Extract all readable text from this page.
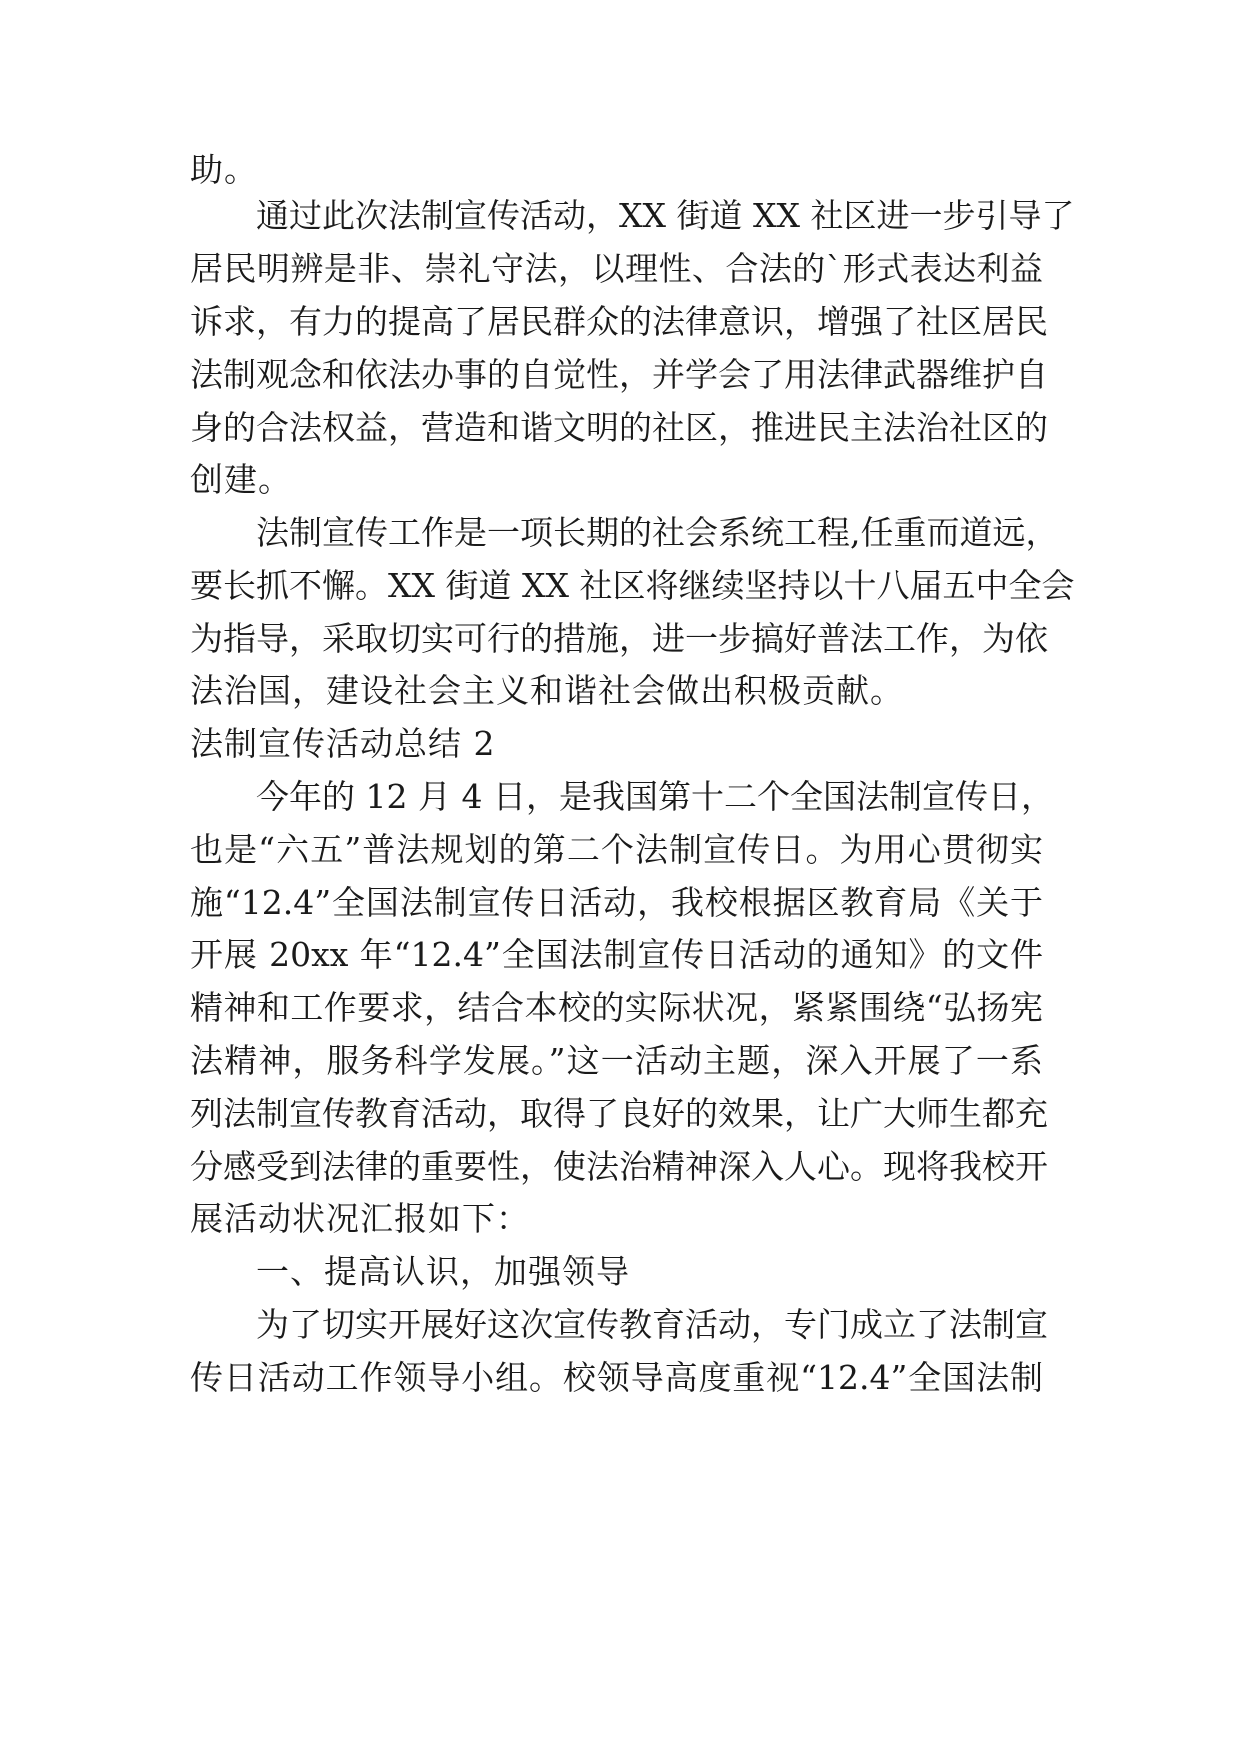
助。

通过此次法制宣传活动，XX 街道 XX 社区进一步引导了

居民明辨是非、崇礼守法，以理性、合法的`形式表达利益

诉求，有力的提高了居民群众的法律意识，增强了社区居民

法制观念和依法办事的自觉性，并学会了用法律武器维护自

身的合法权益，营造和谐文明的社区，推进民主法治社区的

创建。

法制宣传工作是一项长期的社会系统工程,任重而道远，

要长抓不懈。XX 街道 XX 社区将继续坚持以十八届五中全会

为指导，采取切实可行的措施，进一步搞好普法工作，为依

法治国，建设社会主义和谐社会做出积极贡献。

法制宣传活动总结 2

今年的 12 月 4 日，是我国第十二个全国法制宣传日，

也是“六五”普法规划的第二个法制宣传日。为用心贯彻实

施“12.4”全国法制宣传日活动，我校根据区教育局《关于

开展 20xx 年“12.4”全国法制宣传日活动的通知》的文件

精神和工作要求，结合本校的实际状况，紧紧围绕“弘扬宪

法精神，服务科学发展。”这一活动主题，深入开展了一系

列法制宣传教育活动，取得了良好的效果，让广大师生都充

分感受到法律的重要性，使法治精神深入人心。现将我校开

展活动状况汇报如下：

一、提高认识，加强领导

为了切实开展好这次宣传教育活动，专门成立了法制宣

传日活动工作领导小组。校领导高度重视“12.4”全国法制
